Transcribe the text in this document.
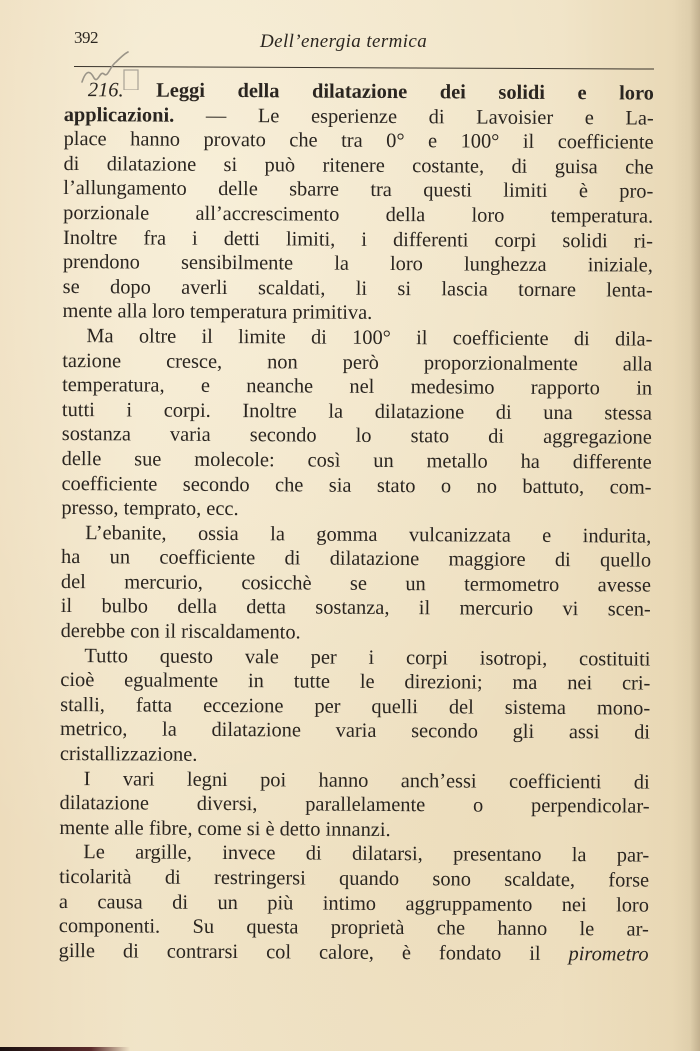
392	Dell’energia termica
216. Leggi della dilatazione dei solidi e loro
applicazioni. — Le esperienze di Lavoisier e La-
place hanno provato che tra 0° e 100° il coefficiente
di dilatazione si può ritenere costante, di guisa che
l’allungamento delle sbarre tra questi limiti è pro-
porzionale all’accrescimento della loro temperatura.
Inoltre fra i detti limiti, i differenti corpi solidi ri-
prendono sensibilmente la loro lunghezza iniziale,
se dopo averli scaldati, li si lascia tornare lenta-
mente alla loro temperatura primitiva.
Ma oltre il limite di 100° il coefficiente di dila-
tazione cresce, non però proporzionalmente alla
temperatura, e neanche nel medesimo rapporto in
tutti i corpi. Inoltre la dilatazione di una stessa
sostanza varia secondo lo stato di aggregazione
delle sue molecole: così un metallo ha differente
coefficiente secondo che sia stato o no battuto, com-
presso, temprato, ecc.
L’ebanite, ossia la gomma vulcanizzata e indurita,
ha un coefficiente di dilatazione maggiore di quello
del mercurio, cosicchè se un termometro avesse
il bulbo della detta sostanza, il mercurio vi scen-
derebbe con il riscaldamento.
Tutto questo vale per i corpi isotropi, costituiti
cioè egualmente in tutte le direzioni; ma nei cri-
stalli, fatta eccezione per quelli del sistema mono-
metrico, la dilatazione varia secondo gli assi di
cristallizzazione.
I vari legni poi hanno anch’essi coefficienti di
dilatazione diversi, parallelamente o perpendicolar-
mente alle fibre, come si è detto innanzi.
Le argille, invece di dilatarsi, presentano la par-
ticolarità di restringersi quando sono scaldate, forse
a causa di un più intimo aggruppamento nei loro
componenti. Su questa proprietà che hanno le ar-
gille di contrarsi col calore, è fondato il pirometro
